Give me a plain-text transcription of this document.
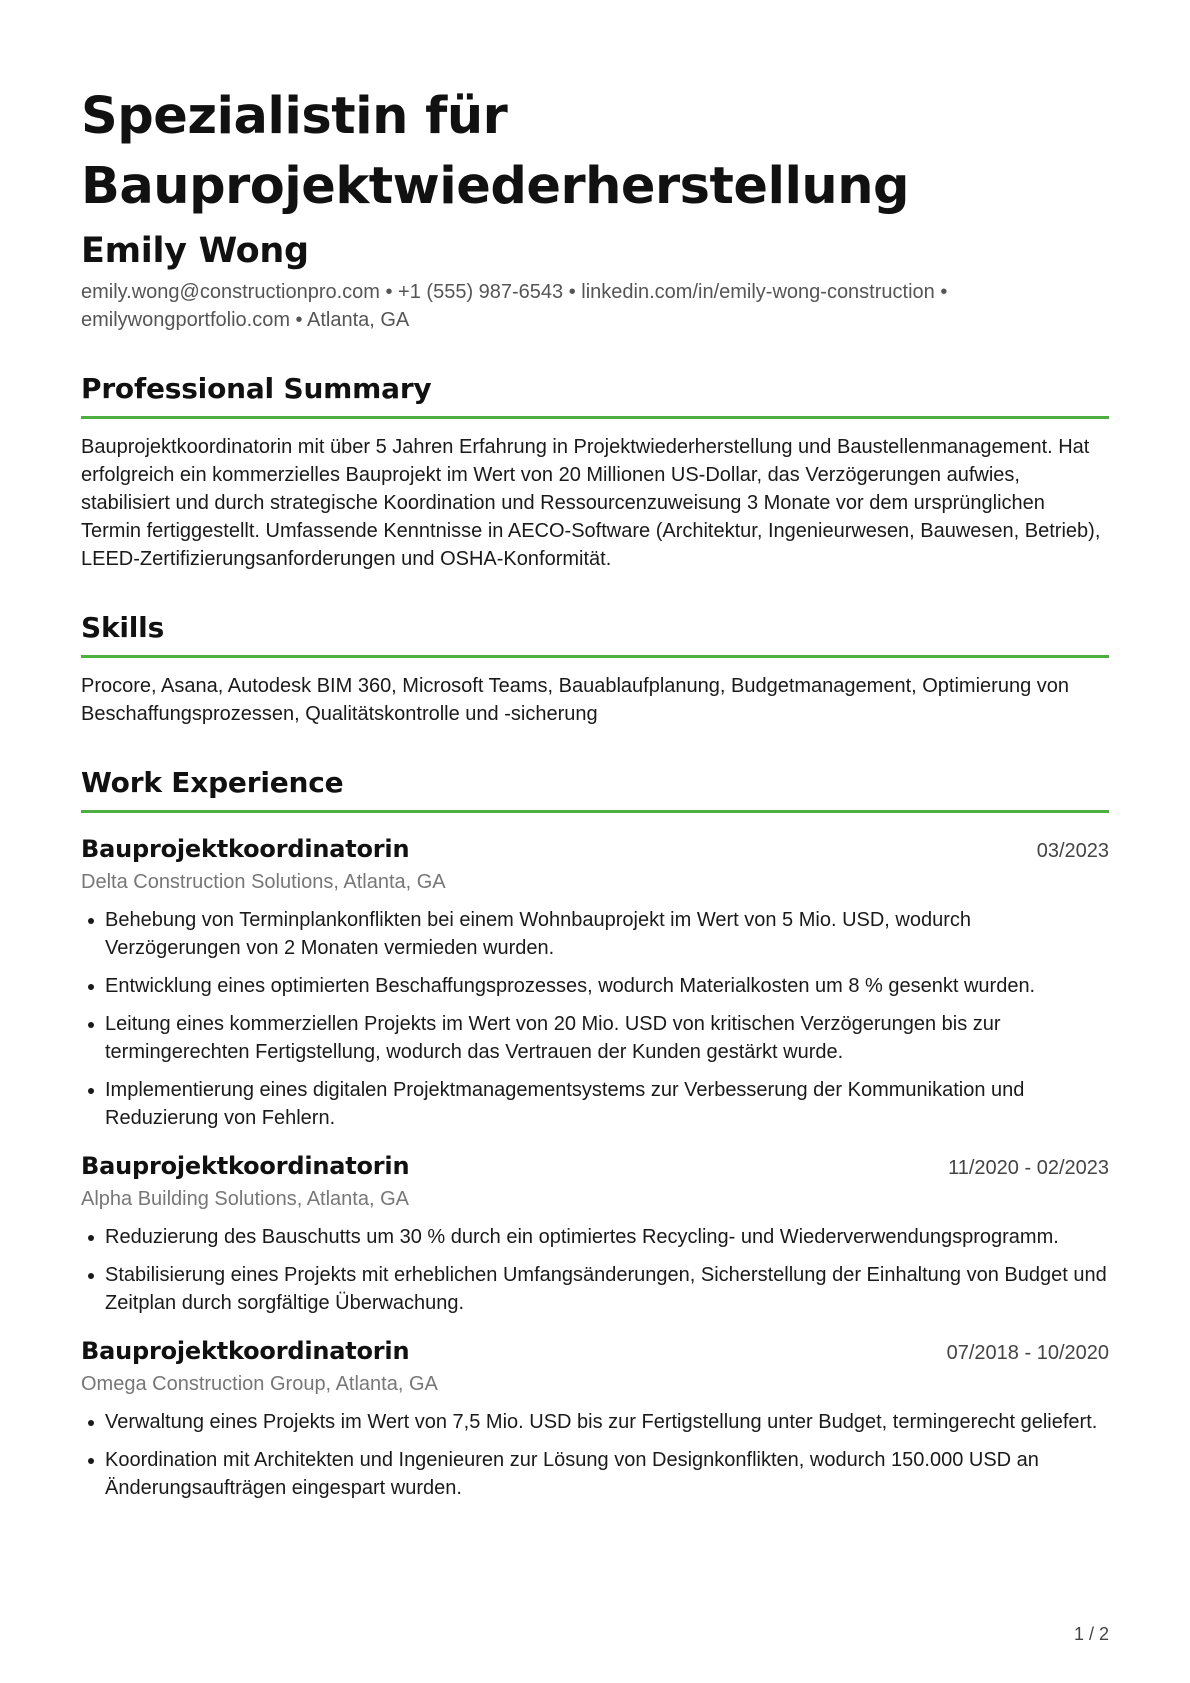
Spezialistin für
Bauprojektwiederherstellung
Emily Wong
emily.wong@constructionpro.com • +1 (555) 987-6543 • linkedin.com/in/emily-wong-construction •
emilywongportfolio.com • Atlanta, GA
Professional Summary

Bauprojektkoordinatorin mit über 5 Jahren Erfahrung in Projektwiederherstellung und Baustellenmanagement. Hat erfolgreich ein kommerzielles Bauprojekt im Wert von 20 Millionen US-Dollar, das Verzögerungen aufwies, stabilisiert und durch strategische Koordination und Ressourcenzuweisung 3 Monate vor dem ursprünglichen Termin fertiggestellt. Umfassende Kenntnisse in AECO-Software (Architektur, Ingenieurwesen, Bauwesen, Betrieb), LEED-Zertifizierungsanforderungen und OSHA-Konformität.

Skills

Procore, Asana, Autodesk BIM 360, Microsoft Teams, Bauablaufplanung, Budgetmanagement, Optimierung von Beschaffungsprozessen, Qualitätskontrolle und -sicherung

Work Experience
Bauprojektkoordinatorin	03/2023
Delta Construction Solutions, Atlanta, GA
Behebung von Terminplankonflikten bei einem Wohnbauprojekt im Wert von 5 Mio. USD, wodurch Verzögerungen von 2 Monaten vermieden wurden.
Entwicklung eines optimierten Beschaffungsprozesses, wodurch Materialkosten um 8 % gesenkt wurden.
Leitung eines kommerziellen Projekts im Wert von 20 Mio. USD von kritischen Verzögerungen bis zur termingerechten Fertigstellung, wodurch das Vertrauen der Kunden gestärkt wurde.
Implementierung eines digitalen Projektmanagementsystems zur Verbesserung der Kommunikation und Reduzierung von Fehlern.
Bauprojektkoordinatorin	11/2020 - 02/2023
Alpha Building Solutions, Atlanta, GA
Reduzierung des Bauschutts um 30 % durch ein optimiertes Recycling- und Wiederverwendungsprogramm.
Stabilisierung eines Projekts mit erheblichen Umfangsänderungen, Sicherstellung der Einhaltung von Budget und Zeitplan durch sorgfältige Überwachung.
Bauprojektkoordinatorin	07/2018 - 10/2020
Omega Construction Group, Atlanta, GA
Verwaltung eines Projekts im Wert von 7,5 Mio. USD bis zur Fertigstellung unter Budget, termingerecht geliefert.
Koordination mit Architekten und Ingenieuren zur Lösung von Designkonflikten, wodurch 150.000 USD an Änderungsaufträgen eingespart wurden.
1 / 2
